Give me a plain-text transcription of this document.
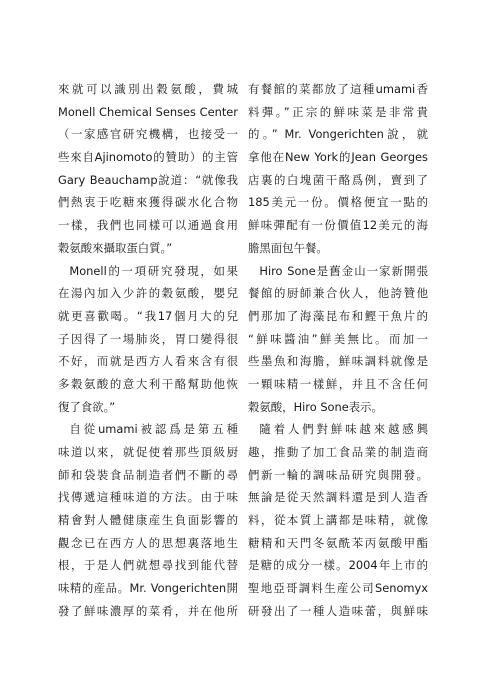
來就可以識別出穀氨酸，費城
Monell Chemical Senses Center
（一家感官研究機構，也接受一
些來自Ajinomoto的贊助）的主管
Gary Beauchamp說道：“就像我
們熱衷于吃糖來獲得碳水化合物
一樣，我們也同樣可以通過食用
穀氨酸來攝取蛋白質。”
Monell的一項研究發現，如果
在湯內加入少許的穀氨酸，嬰兒
就更喜歡喝。“我17個月大的兒
子因得了一場肺炎，胃口變得很
不好，而就是西方人看來含有很
多穀氨酸的意大利干酪幫助他恢
復了食欲。”
自從umami被認爲是第五種
味道以來，就促使着那些頂級厨
師和袋裝食品制造者們不斷的尋
找傳遞這種味道的方法。由于味
精會對人體健康産生負面影響的
觀念已在西方人的思想裏落地生
根，于是人們就想尋找到能代替
味精的産品。Mr. Vongerichten開
發了鮮味濃厚的菜肴，并在他所
有餐館的菜都放了這種umami香
料彈。”正宗的鮮味菜是非常貴
的。” Mr. Vongerichten說，就
拿他在New York的Jean Georges
店裏的白塊菌干酪爲例，賣到了
185美元一份。價格便宜一點的
鮮味彈配有一份價值12美元的海
膽黑面包午餐。
Hiro Sone是舊金山一家新開張
餐館的厨師兼合伙人，他誇贊他
們那加了海藻昆布和鰹干魚片的
“鮮味醬油”鮮美無比。而加一
些墨魚和海膽，鮮味調料就像是
一顆味精一樣鮮，并且不含任何
穀氨酸，Hiro Sone表示。
隨着人們對鮮味越來越感興
趣，推動了加工食品業的制造商
們新一輪的調味品研究與開發。
無論是從天然調料還是到人造香
料，從本質上講都是味精，就像
糖精和天門冬氨酰苯丙氨酸甲酯
是糖的成分一樣。2004年上市的
聖地亞哥調料生産公司Senomyx
研發出了一種人造味蕾，與鮮味
